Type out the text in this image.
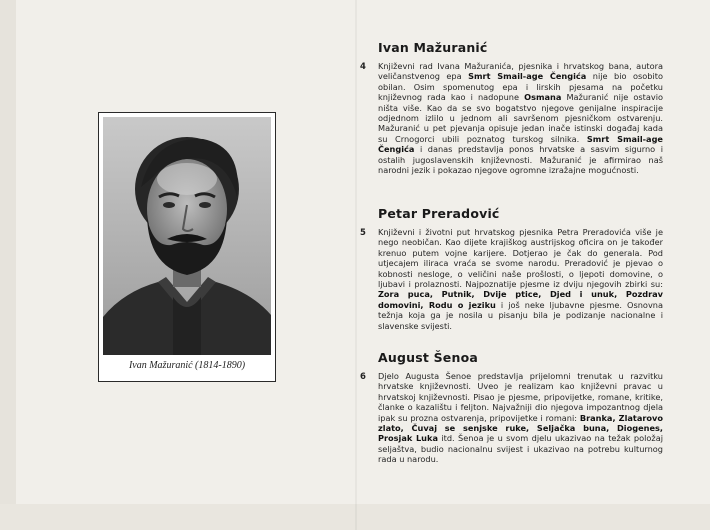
Ivan Mažuranić (1814-1890)
Ivan Mažuranić
4 Književni rad Ivana Mažuranića, pjesnika i hrvatskog bana, autora veličanstvenog epa Smrt Smail-age Čengića nije bio osobito obilan. Osim spomenutog epa i lirskih pjesama na početku književnog rada kao i nadopune Osmana Mažuranić nije ostavio ništa više. Kao da se svo bogatstvo njegove genijalne inspiracije odjednom izlilo u jednom ali savršenom pjesničkom ostvarenju. Mažuranić u pet pjevanja opisuje jedan inače istinski događaj kada su Crnogorci ubili poznatog turskog silnika. Smrt Smail-age Čengića i danas predstavlja ponos hrvatske a sasvim sigurno i ostalih jugoslavenskih književnosti. Mažuranić je afirmirao naš narodni jezik i pokazao njegove ogromne izražajne mogućnosti.

Petar Preradović
5 Književni i životni put hrvatskog pjesnika Petra Preradovića više je nego neobičan. Kao dijete krajiškog austrijskog oficira on je također krenuo putem vojne karijere. Dotjerao je čak do generala. Pod utjecajem ilirаca vraća se svome narodu. Preradović je pjevao o kobnosti nesloge, o veličini naše prošlosti, o ljepoti domovine, o ljubavi i prolaznosti. Najpoznatije pjesme iz dviju njegovih zbirki su: Zora puca, Putnik, Dvije ptice, Djed i unuk, Pozdrav domovini, Rodu o jeziku i još neke ljubavne pjesme. Osnovna težnja koja ga je nosila u pisanju bila je podizanje nacionalne i slavenske svijesti.

August Šenoa
6 Djelo Augusta Šenoe predstavlja prijelomni trenutak u razvitku hrvatske književnosti. Uveo je realizam kao književni pravac u hrvatskoj književnosti. Pisao je pjesme, pripovijetke, romane, kritike, članke o kazalištu i feljton. Najvažniji dio njegova impozantnog djela ipak su prozna ostvarenja, pripovijetke i romani: Branka, Zlatarovo zlato, Čuvaj se senjske ruke, Seljačka buna, Diogenes, Prosjak Luka itd. Šenoa je u svom djelu ukazivao na težak položaj seljaštva, budio nacionalnu svijest i ukazivao na potrebu kulturnog rada u narodu.
